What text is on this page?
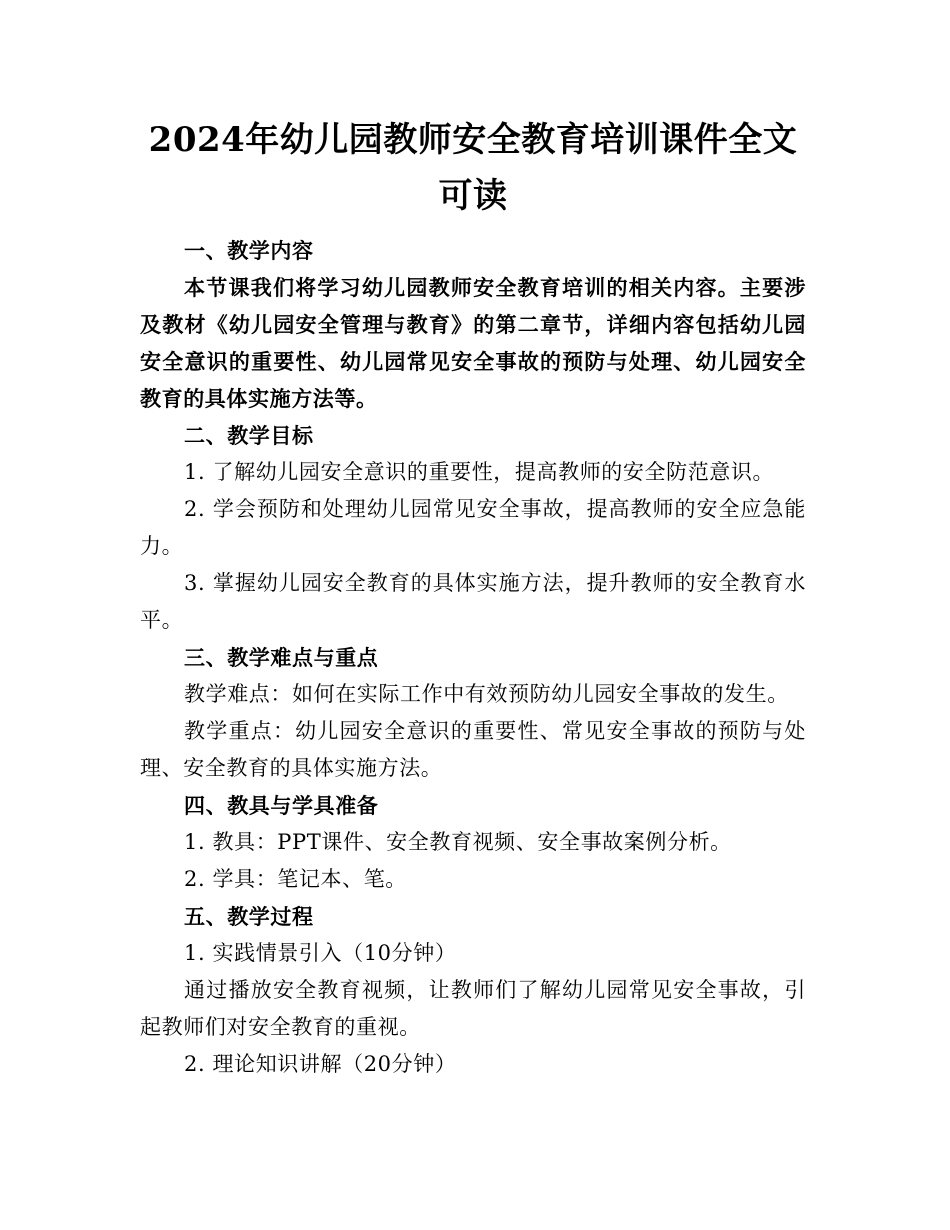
2024年幼儿园教师安全教育培训课件全文可读

一、教学内容

本节课我们将学习幼儿园教师安全教育培训的相关内容。主要涉及教材《幼儿园安全管理与教育》的第二章节，详细内容包括幼儿园安全意识的重要性、幼儿园常见安全事故的预防与处理、幼儿园安全教育的具体实施方法等。

二、教学目标

1. 了解幼儿园安全意识的重要性，提高教师的安全防范意识。

2. 学会预防和处理幼儿园常见安全事故，提高教师的安全应急能力。

3. 掌握幼儿园安全教育的具体实施方法，提升教师的安全教育水平。

三、教学难点与重点

教学难点：如何在实际工作中有效预防幼儿园安全事故的发生。

教学重点：幼儿园安全意识的重要性、常见安全事故的预防与处理、安全教育的具体实施方法。

四、教具与学具准备

1. 教具：PPT课件、安全教育视频、安全事故案例分析。

2. 学具：笔记本、笔。

五、教学过程

1. 实践情景引入（10分钟）

通过播放安全教育视频，让教师们了解幼儿园常见安全事故，引起教师们对安全教育的重视。

2. 理论知识讲解（20分钟）
